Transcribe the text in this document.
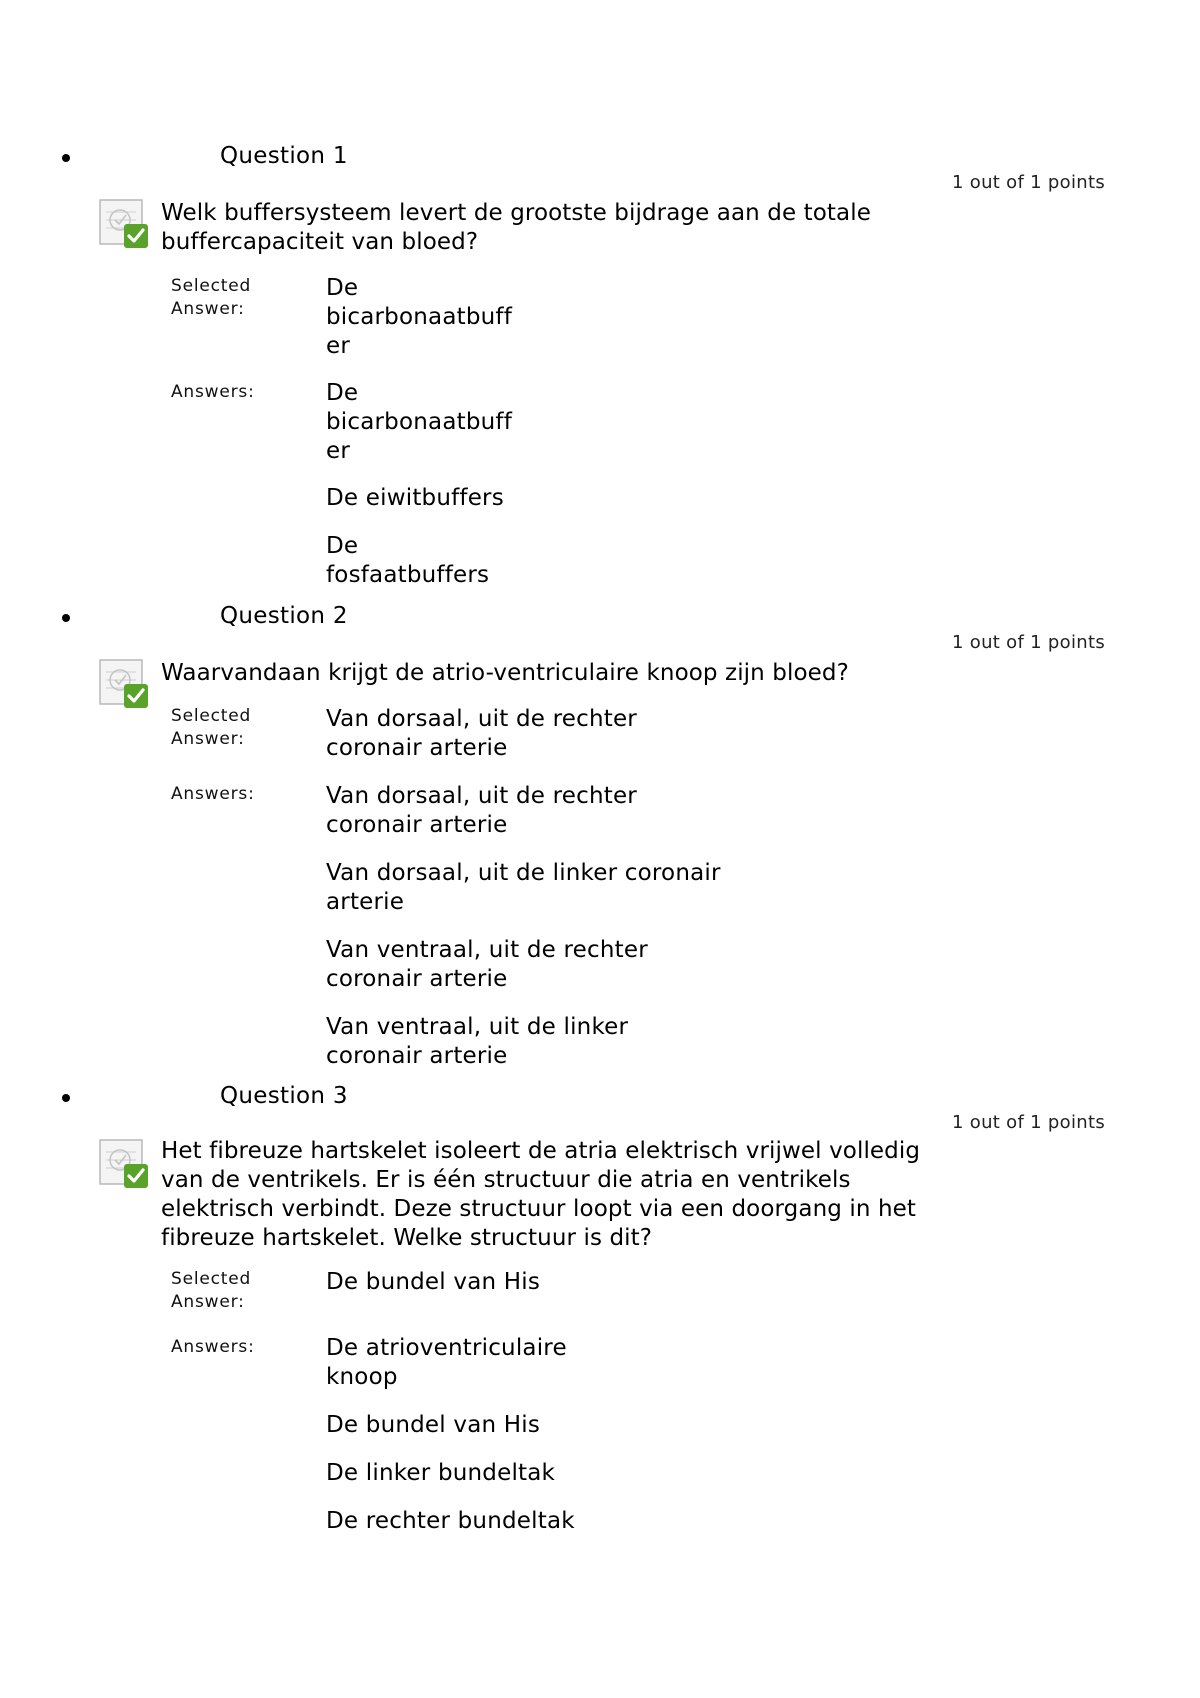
Question 1
1 out of 1 points
Welk buffersysteem levert de grootste bijdrage aan de totale
buffercapaciteit van bloed?
Selected
Answer:
De
bicarbonaatbuff
er
Answers:	De
bicarbonaatbuff
er
De eiwitbuffers
De
fosfaatbuffers
Question 2
1 out of 1 points
Waarvandaan krijgt de atrio-ventriculaire knoop zijn bloed?
Selected
Answer:
Van dorsaal, uit de rechter
coronair arterie
Answers:	Van dorsaal, uit de rechter
coronair arterie
Van dorsaal, uit de linker coronair
arterie
Van ventraal, uit de rechter
coronair arterie
Van ventraal, uit de linker
coronair arterie
Question 3
1 out of 1 points
Het fibreuze hartskelet isoleert de atria elektrisch vrijwel volledig
van de ventrikels. Er is één structuur die atria en ventrikels
elektrisch verbindt. Deze structuur loopt via een doorgang in het
fibreuze hartskelet. Welke structuur is dit?
Selected
Answer:
De bundel van His
Answers:	De atrioventriculaire
knoop
De bundel van His
De linker bundeltak
De rechter bundeltak
